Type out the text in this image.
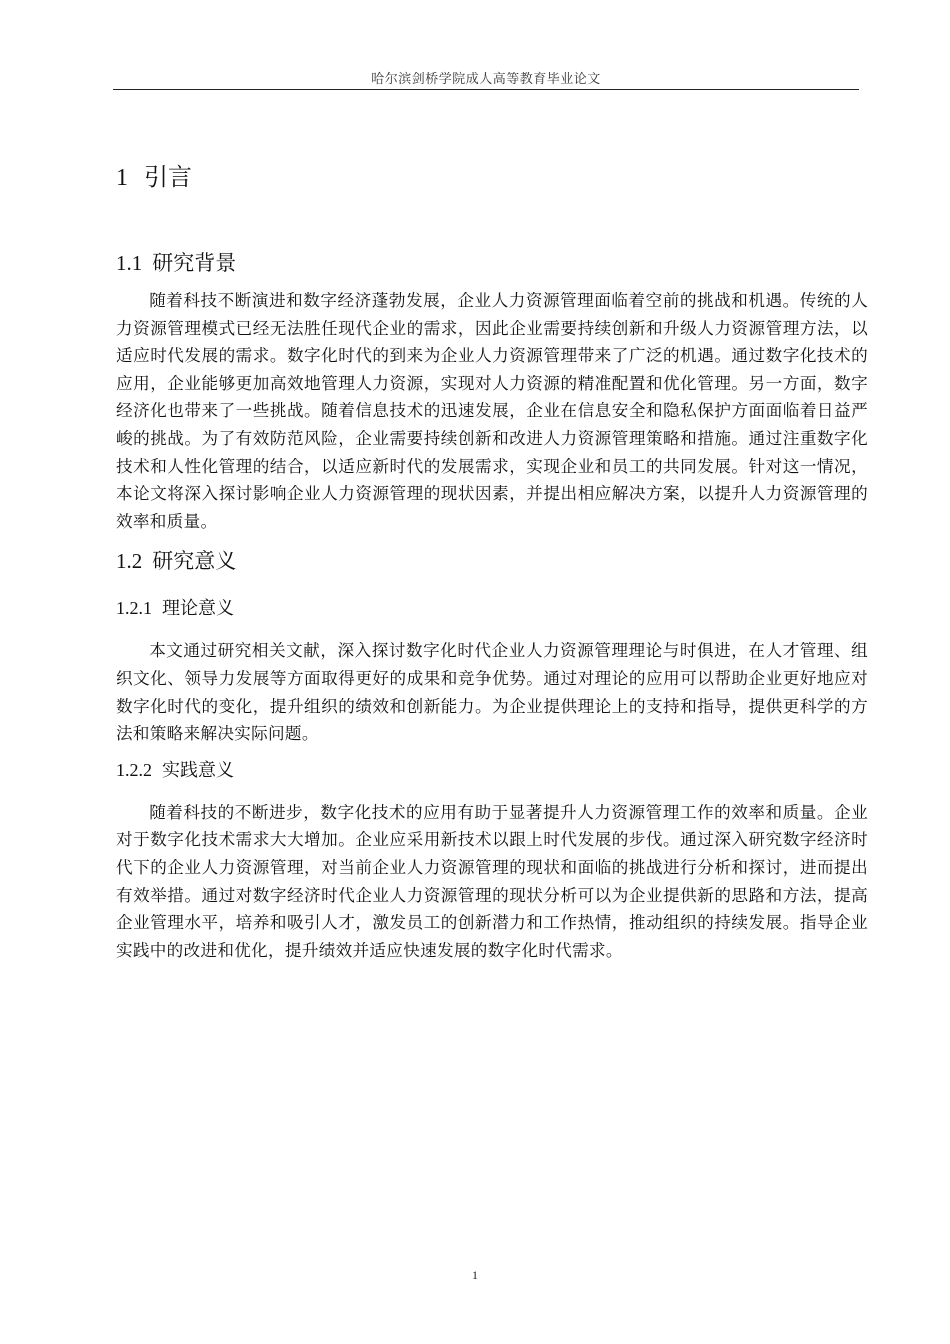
哈尔滨剑桥学院成人高等教育毕业论文
1 引言
1.1 研究背景

随着科技不断演进和数字经济蓬勃发展，企业人力资源管理面临着空前的挑战和机遇。传统的人力资源管理模式已经无法胜任现代企业的需求，因此企业需要持续创新和升级人力资源管理方法，以适应时代发展的需求。数字化时代的到来为企业人力资源管理带来了广泛的机遇。通过数字化技术的应用，企业能够更加高效地管理人力资源，实现对人力资源的精准配置和优化管理。另一方面，数字经济化也带来了一些挑战。随着信息技术的迅速发展，企业在信息安全和隐私保护方面面临着日益严峻的挑战。为了有效防范风险，企业需要持续创新和改进人力资源管理策略和措施。通过注重数字化技术和人性化管理的结合，以适应新时代的发展需求，实现企业和员工的共同发展。针对这一情况，本论文将深入探讨影响企业人力资源管理的现状因素，并提出相应解决方案，以提升人力资源管理的效率和质量。

1.2 研究意义
1.2.1 理论意义

本文通过研究相关文献，深入探讨数字化时代企业人力资源管理理论与时俱进，在人才管理、组织文化、领导力发展等方面取得更好的成果和竞争优势。通过对理论的应用可以帮助企业更好地应对数字化时代的变化，提升组织的绩效和创新能力。为企业提供理论上的支持和指导，提供更科学的方法和策略来解决实际问题。

1.2.2 实践意义

随着科技的不断进步，数字化技术的应用有助于显著提升人力资源管理工作的效率和质量。企业对于数字化技术需求大大增加。企业应采用新技术以跟上时代发展的步伐。通过深入研究数字经济时代下的企业人力资源管理，对当前企业人力资源管理的现状和面临的挑战进行分析和探讨，进而提出有效举措。通过对数字经济时代企业人力资源管理的现状分析可以为企业提供新的思路和方法，提高企业管理水平，培养和吸引人才，激发员工的创新潜力和工作热情，推动组织的持续发展。指导企业实践中的改进和优化，提升绩效并适应快速发展的数字化时代需求。

1
